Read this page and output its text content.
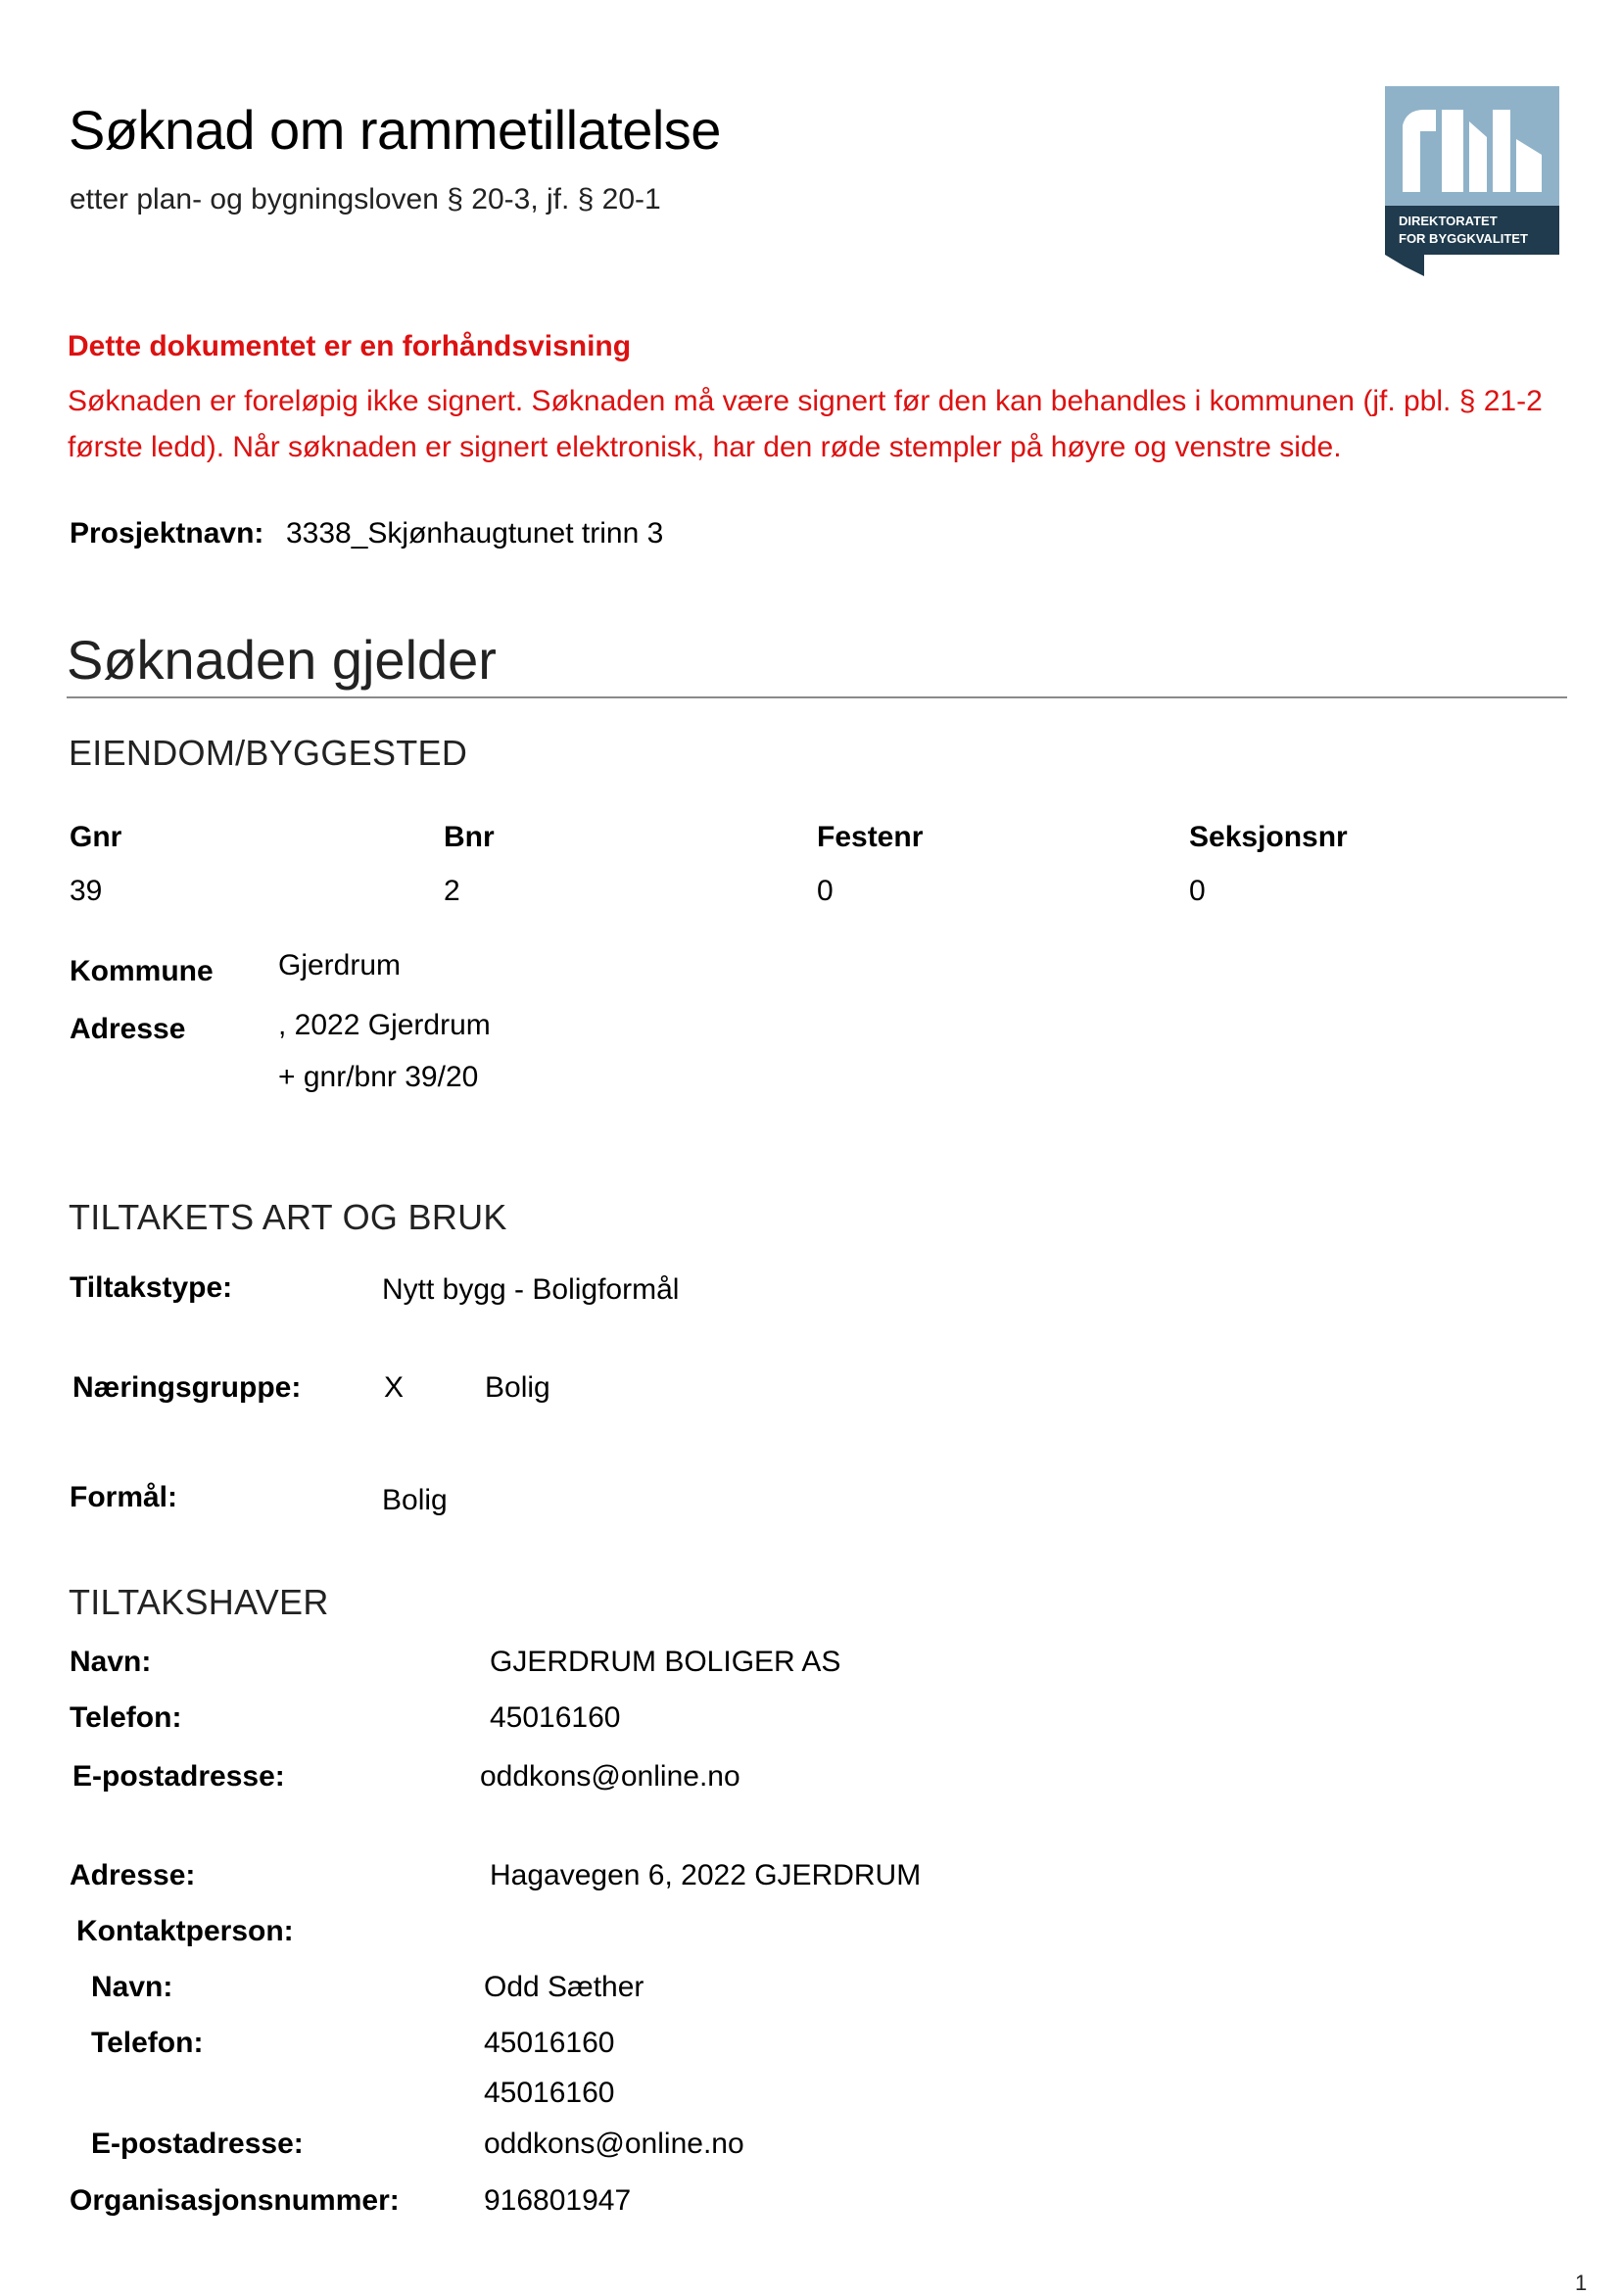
Søknad om rammetillatelse
etter plan- og bygningsloven § 20-3, jf. § 20-1
DIREKTORATET
FOR BYGGKVALITET
Dette dokumentet er en forhåndsvisning
Søknaden er foreløpig ikke signert. Søknaden må være signert før den kan behandles i kommunen (jf. pbl. § 21-2 første ledd). Når søknaden er signert elektronisk, har den røde stempler på høyre og venstre side.
Prosjektnavn: 3338_Skjønhaugtunet trinn 3
Søknaden gjelder
EIENDOM/BYGGESTED
Gnr	Bnr	Festenr	Seksjonsnr
39	2	0	0
Kommune Gjerdrum
Adresse	, 2022 Gjerdrum
+ gnr/bnr 39/20
TILTAKETS ART OG BRUK
Tiltakstype:	Nytt bygg - Boligformål
Næringsgruppe:	X	Bolig
Formål:	Bolig
TILTAKSHAVER
Navn:	GJERDRUM BOLIGER AS
Telefon:	45016160
E-postadresse:	oddkons@online.no
Adresse:	Hagavegen 6, 2022 GJERDRUM
Kontaktperson:
Navn:	Odd Sæther
Telefon:	45016160
45016160
E-postadresse:	oddkons@online.no
Organisasjonsnummer:	916801947
1
